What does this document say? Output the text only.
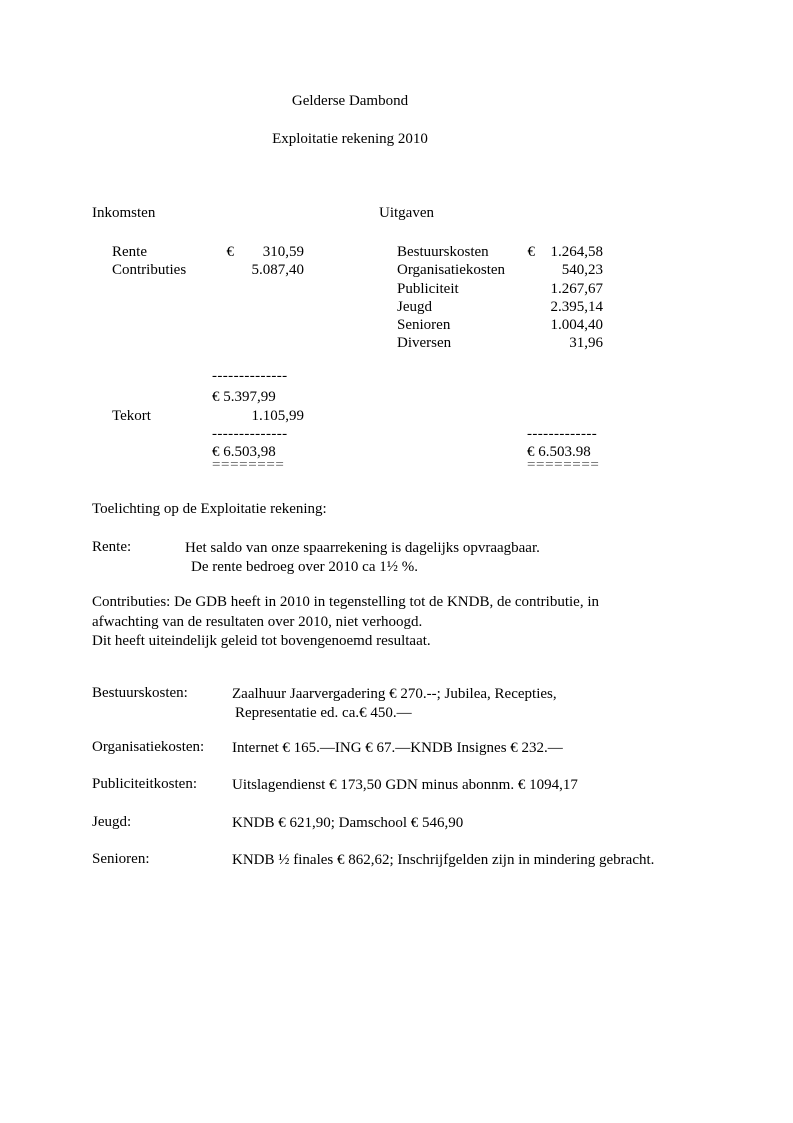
Gelderse Dambond
Exploitatie rekening 2010
Inkomsten	Uitgaven
Rente	€	310,59
Contributies		5.087,40
Bestuurskosten	€	1.264,58
Organisatiekosten		540,23
Publiciteit		1.267,67
Jeugd		2.395,14
Senioren		1.004,40
Diversen		31,96
--------------
€ 5.397,99
Tekort	1.105,99
--------------	-------------
€ 6.503,98	€ 6.503.98
========	========
Toelichting op de Exploitatie rekening:
Rente:	Het saldo van onze spaarrekening is dagelijks opvraagbaar.
De rente bedroeg over 2010 ca 1½ %.
Contributies: De GDB heeft in 2010 in tegenstelling tot de KNDB, de contributie, in
afwachting van de resultaten over 2010, niet verhoogd.
Dit heeft uiteindelijk geleid tot bovengenoemd resultaat.
Bestuurskosten:	Zaalhuur Jaarvergadering € 270.--; Jubilea, Recepties,
Representatie ed. ca.€ 450.—
Organisatiekosten: Internet € 165.—ING € 67.—KNDB Insignes € 232.—
Publiciteitkosten: Uitslagendienst € 173,50 GDN minus abonnm. € 1094,17
Jeugd:	KNDB € 621,90; Damschool € 546,90
Senioren:	KNDB ½ finales € 862,62; Inschrijfgelden zijn in mindering gebracht.
